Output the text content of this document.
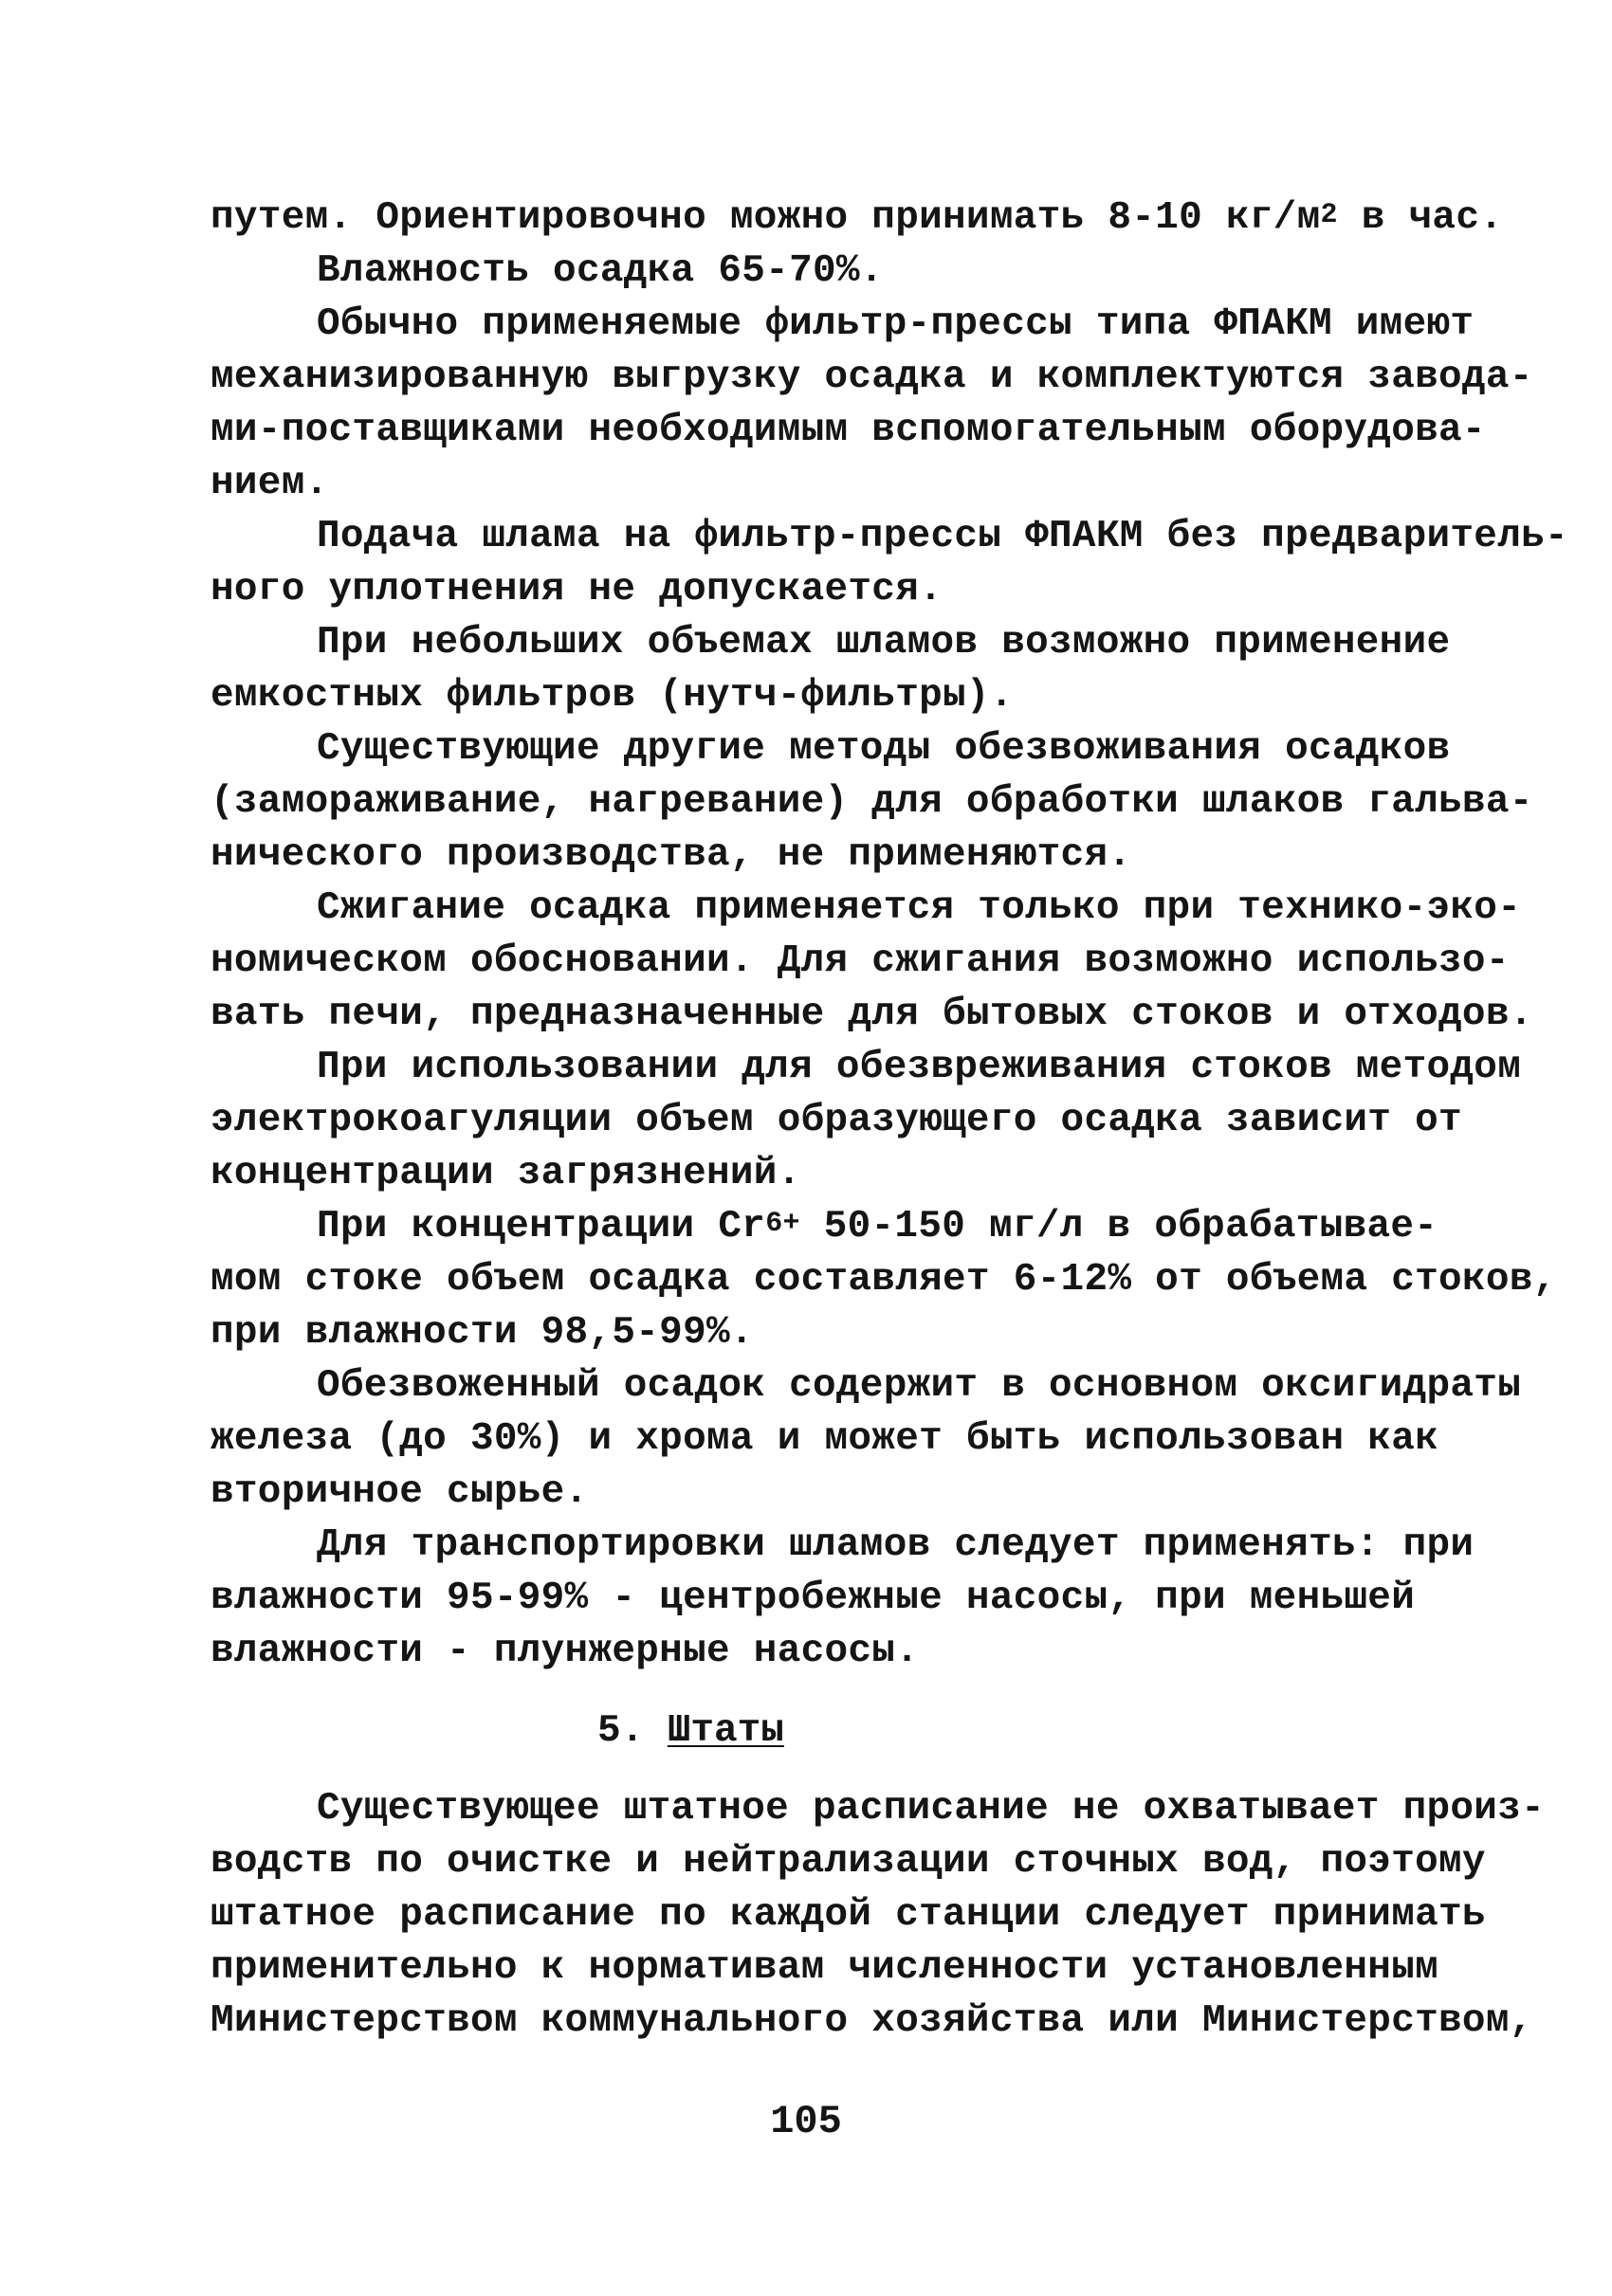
путем. Ориентировочно можно принимать 8-10 $кг/м^2$ в час.
Влажность осадка 65-70%.
Обычно применяемые фильтр-прессы типа ФПАКМ имеют
механизированную выгрузку осадка и комплектуются завода-
ми-поставщиками необходимым вспомогательным оборудова-
нием.
Подача шлама на фильтр-прессы ФПАКМ без предваритель-
ного уплотнения не допускается.
При небольших объемах шламов возможно применение
емкостных фильтров (нутч-фильтры).
Существующие другие методы обезвоживания осадков
(замораживание, нагревание) для обработки шлаков гальва-
нического производства, не применяются.
Сжигание осадка применяется только при технико-эко-
номическом обосновании. Для сжигания возможно использо-
вать печи, предназначенные для бытовых стоков и отходов.
При использовании для обезвреживания стоков методом
электрокоагуляции объем образующего осадка зависит от
концентрации загрязнений.
При концентрации $Cr^{6+}$ 50-150 мг/л в обрабатывае-
мом стоке объем осадка составляет 6-12% от объема стоков,
при влажности 98,5-99%.
Обезвоженный осадок содержит в основном оксигидраты
железа (до 30%) и хрома и может быть использован как
вторичное сырье.
Для транспортировки шламов следует применять: при
влажности 95-99% - центробежные насосы, при меньшей
влажности - плунжерные насосы.
5. Штаты
Существующее штатное расписание не охватывает произ-
водств по очистке и нейтрализации сточных вод, поэтому
штатное расписание по каждой станции следует принимать
применительно к нормативам численности установленным
Министерством коммунального хозяйства или Министерством,
105
